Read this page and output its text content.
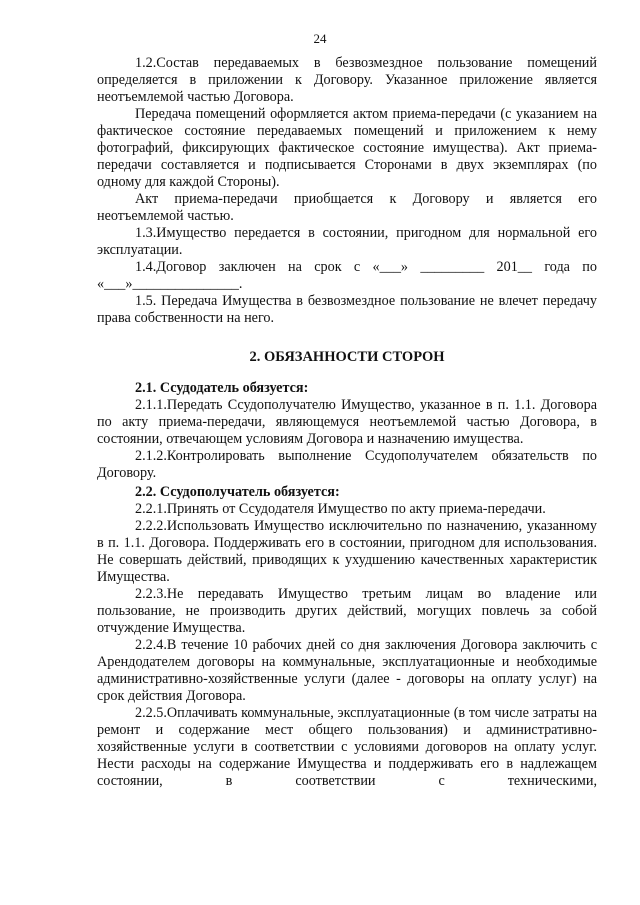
24

1.2.Состав передаваемых в безвозмездное пользование помещений определяется в приложении к Договору. Указанное приложение является неотъемлемой частью Договора.

Передача помещений оформляется актом приема-передачи (с указанием на фактическое состояние передаваемых помещений и приложением к нему фотографий, фиксирующих фактическое состояние имущества). Акт приема-передачи составляется и подписывается Сторонами в двух экземплярах (по одному для каждой Стороны).

Акт приема-передачи приобщается к Договору и является его неотъемлемой частью.

1.3.Имущество передается в состоянии, пригодном для нормальной его эксплуатации.

1.4.Договор заключен на срок с «___» _________ 201__ года по «___»_______________.

1.5. Передача Имущества в безвозмездное пользование не влечет передачу права собственности на него.

2. ОБЯЗАННОСТИ СТОРОН

2.1. Ссудодатель обязуется:

2.1.1.Передать Ссудополучателю Имущество, указанное в п. 1.1. Договора по акту приема-передачи, являющемуся неотъемлемой частью Договора, в состоянии, отвечающем условиям Договора и назначению имущества.

2.1.2.Контролировать выполнение Ссудополучателем обязательств по Договору.

2.2. Ссудополучатель обязуется:

2.2.1.Принять от Ссудодателя Имущество по акту приема-передачи.

2.2.2.Использовать Имущество исключительно по назначению, указанному в п. 1.1. Договора. Поддерживать его в состоянии, пригодном для использования. Не совершать действий, приводящих к ухудшению качественных характеристик Имущества.

2.2.3.Не передавать Имущество третьим лицам во владение или пользование, не производить других действий, могущих повлечь за собой отчуждение Имущества.

2.2.4.В течение 10 рабочих дней со дня заключения Договора заключить с Арендодателем договоры на коммунальные, эксплуатационные и необходимые административно-хозяйственные услуги (далее - договоры на оплату услуг) на срок действия Договора.

2.2.5.Оплачивать коммунальные, эксплуатационные (в том числе затраты на ремонт и содержание мест общего пользования) и административно-хозяйственные услуги в соответствии с условиями договоров на оплату услуг. Нести расходы на содержание Имущества и поддерживать его в надлежащем состоянии, в соответствии с техническими,
